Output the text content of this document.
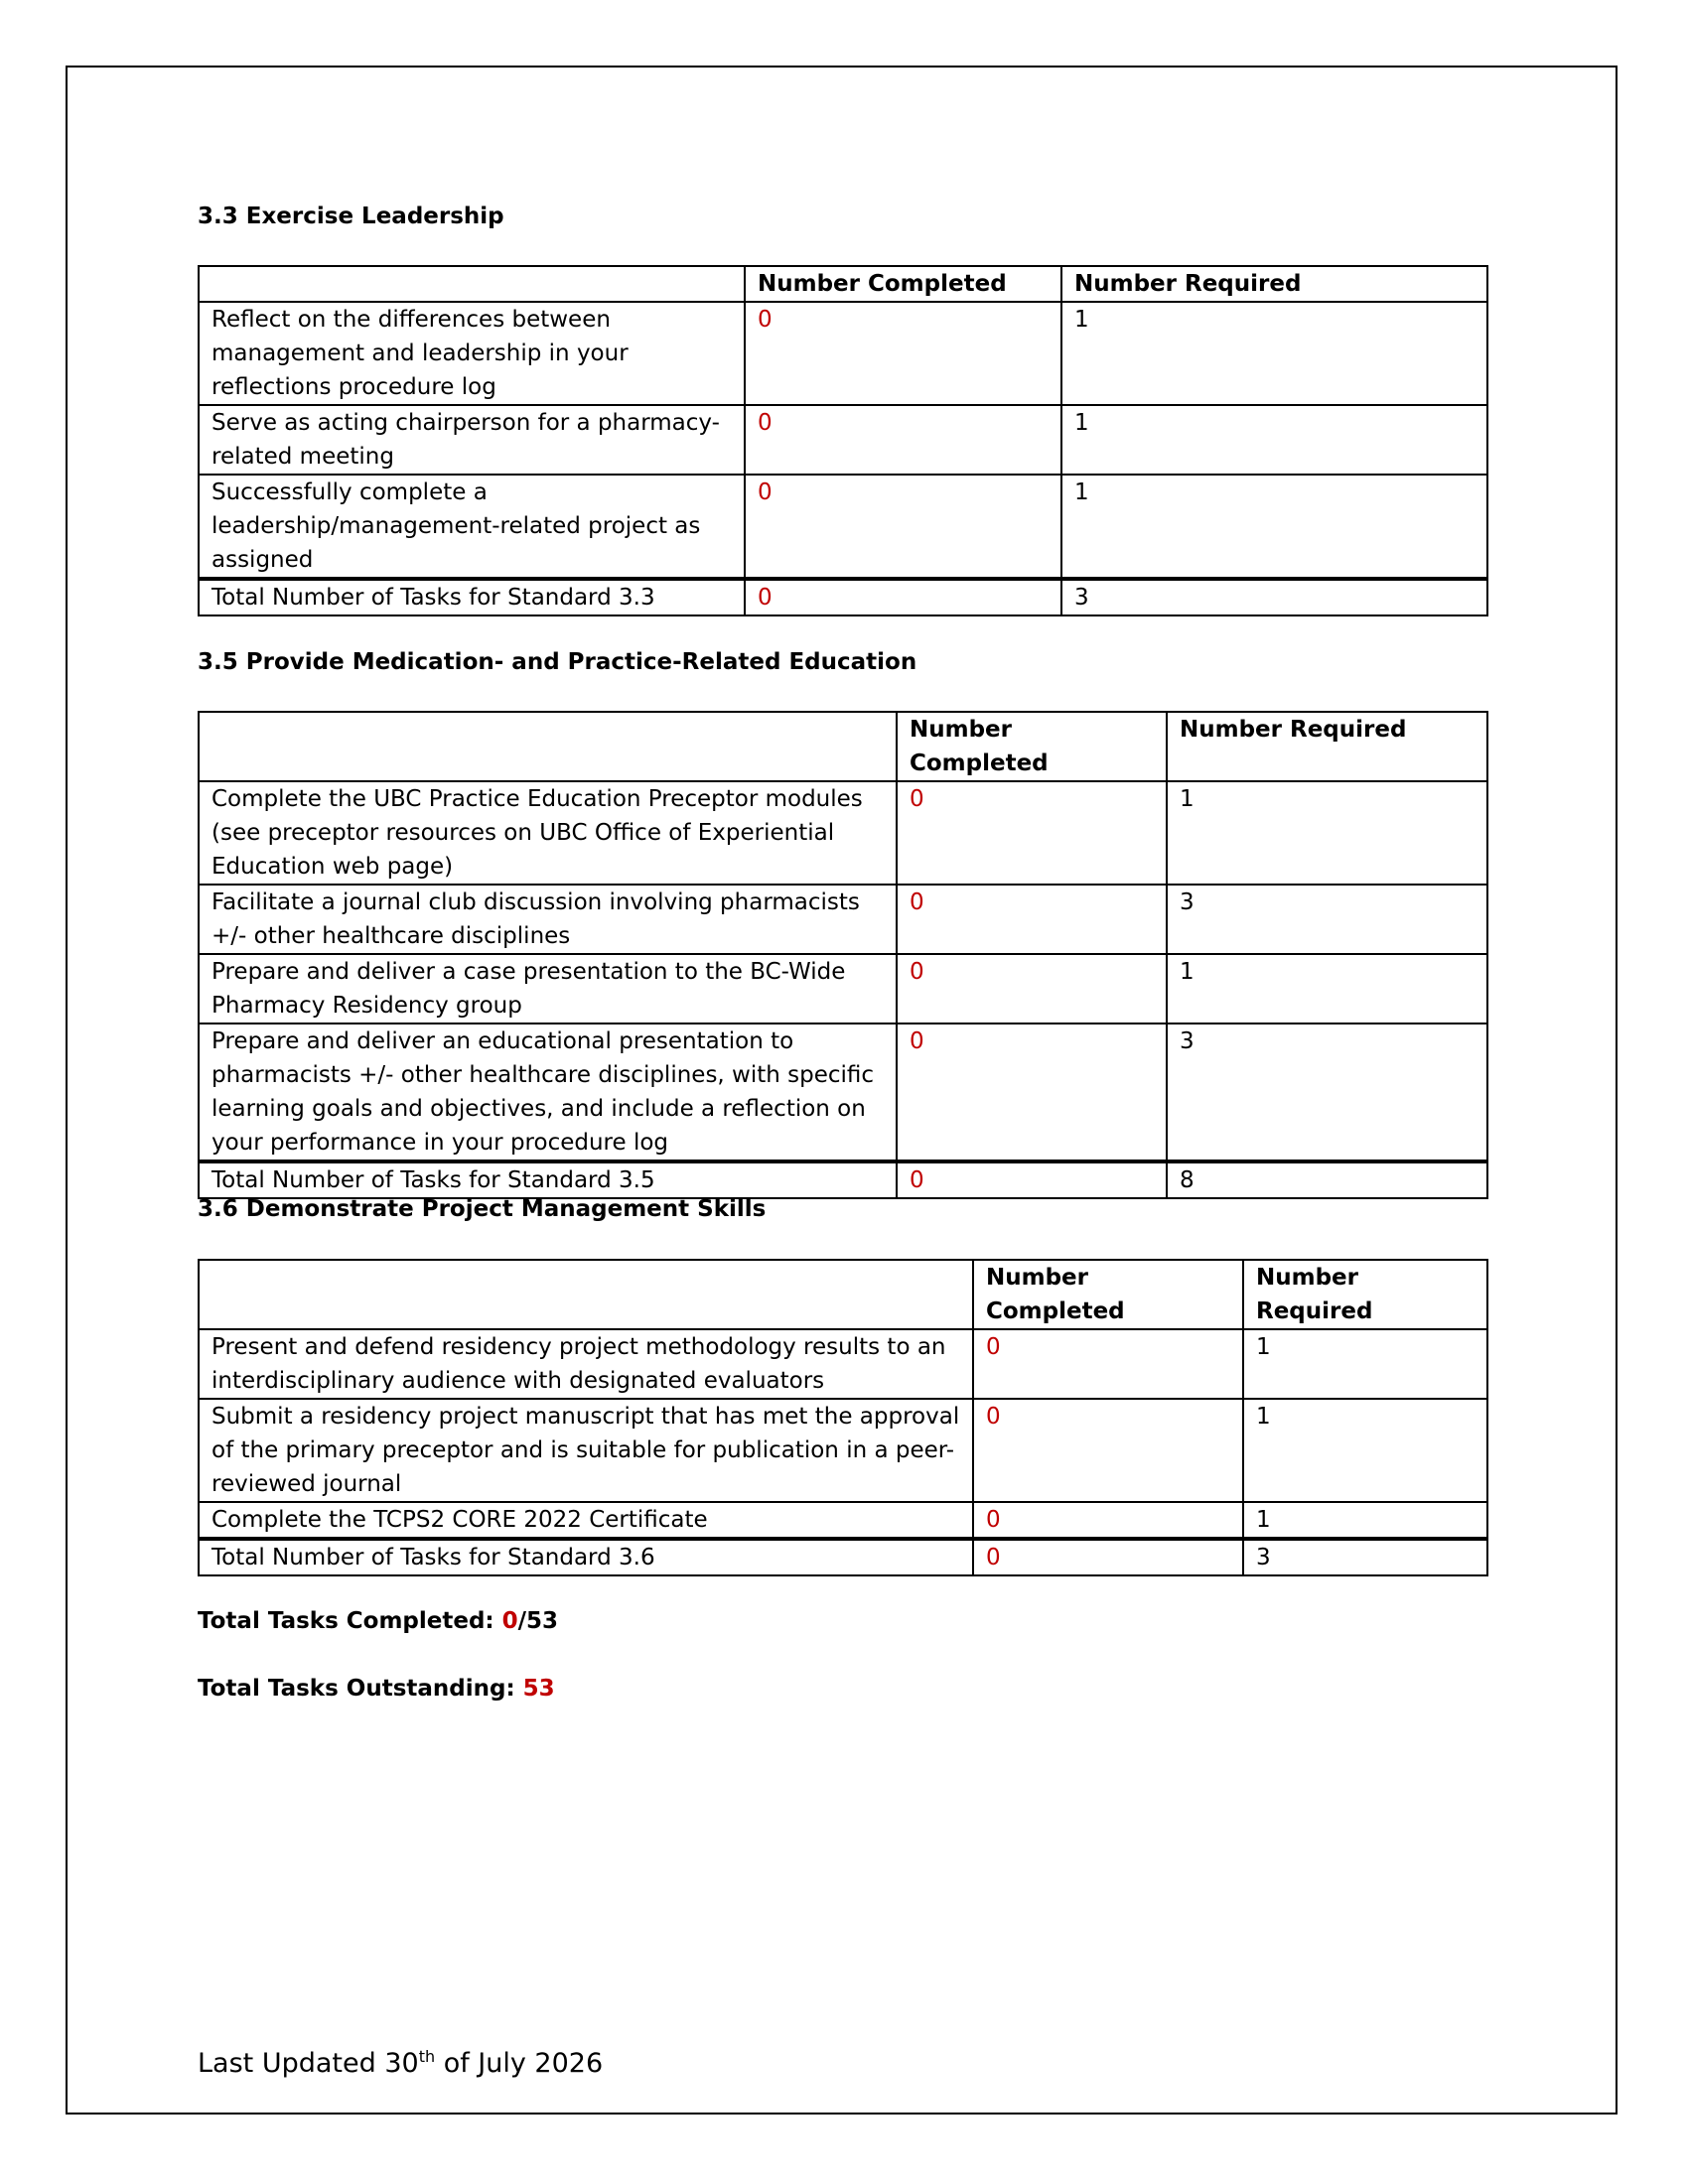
3.3 Exercise Leadership
	Number Completed	Number Required
Reflect on the differences between management and leadership in your reflections procedure log	0	1
Serve as acting chairperson for a pharmacy-related meeting	0	1
Successfully complete a leadership/management-related project as assigned	0	1
Total Number of Tasks for Standard 3.3	0	3
3.5 Provide Medication- and Practice-Related Education
	Number Completed	Number Required
Complete the UBC Practice Education Preceptor modules (see preceptor resources on UBC Office of Experiential Education web page)	0	1
Facilitate a journal club discussion involving pharmacists +/- other healthcare disciplines	0	3
Prepare and deliver a case presentation to the BC-Wide Pharmacy Residency group	0	1
Prepare and deliver an educational presentation to pharmacists +/- other healthcare disciplines, with specific learning goals and objectives, and include a reflection on your performance in your procedure log	0	3
Total Number of Tasks for Standard 3.5	0	8
3.6 Demonstrate Project Management Skills
	Number Completed	Number Required
Present and defend residency project methodology results to an interdisciplinary audience with designated evaluators	0	1
Submit a residency project manuscript that has met the approval of the primary preceptor and is suitable for publication in a peer-reviewed journal	0	1
Complete the TCPS2 CORE 2022 Certificate	0	1
Total Number of Tasks for Standard 3.6	0	3

Total Tasks Completed: 0/53

Total Tasks Outstanding: 53

Last Updated 30th of July 2026
